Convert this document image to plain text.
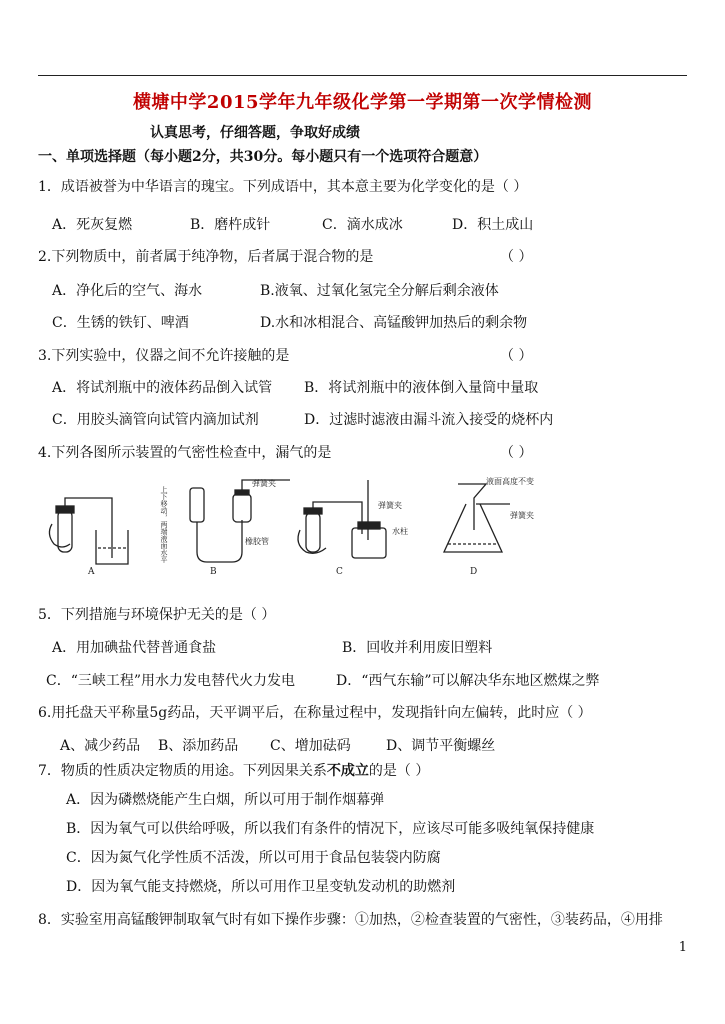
横塘中学2015学年九年级化学第一学期第一次学情检测
认真思考，仔细答题，争取好成绩
一、单项选择题（每小题2分，共30分。每小题只有一个选项符合题意）
1．成语被誉为中华语言的瑰宝。下列成语中，其本意主要为化学变化的是（ ）
A．死灰复燃	B．磨杵成针	C．滴水成冰	D．积土成山
2.下列物质中，前者属于纯净物，后者属于混合物的是	（ ）
A．净化后的空气、海水	B.液氧、过氧化氢完全分解后剩余液体
C．生锈的铁钉、啤酒	D.水和冰相混合、高锰酸钾加热后的剩余物
3.下列实验中，仪器之间不允许接触的是	（ ）
A．将试剂瓶中的液体药品倒入试管 B．将试剂瓶中的液体倒入量筒中量取
C．用胶头滴管向试管内滴加试剂	D．过滤时滤液由漏斗流入接受的烧杯内
4.下列各图所示装置的气密性检查中，漏气的是	（ ）
A
上下移动，两端液面水平
弹簧夹
橡胶管
B
弹簧夹
水柱
C
液面高度不变
弹簧夹
D
5．下列措施与环境保护无关的是（ ）
A．用加碘盐代替普通食盐	B．回收并利用废旧塑料
C．“三峡工程”用水力发电替代火力发电	D．“西气东输”可以解决华东地区燃煤之弊
6.用托盘天平称量5g药品，天平调平后，在称量过程中，发现指针向左偏转，此时应（ ）
A、减少药品 B、添加药品 C、增加砝码	D、调节平衡螺丝
7．物质的性质决定物质的用途。下列因果关系不成立的是（ ）
A．因为磷燃烧能产生白烟，所以可用于制作烟幕弹
B．因为氧气可以供给呼吸，所以我们有条件的情况下，应该尽可能多吸纯氧保持健康
C．因为氮气化学性质不活泼，所以可用于食品包装袋内防腐
D．因为氧气能支持燃烧，所以可用作卫星变轨发动机的助燃剂
8．实验室用高锰酸钾制取氧气时有如下操作步骤：①加热，②检查装置的气密性，③装药品，④用排
1
